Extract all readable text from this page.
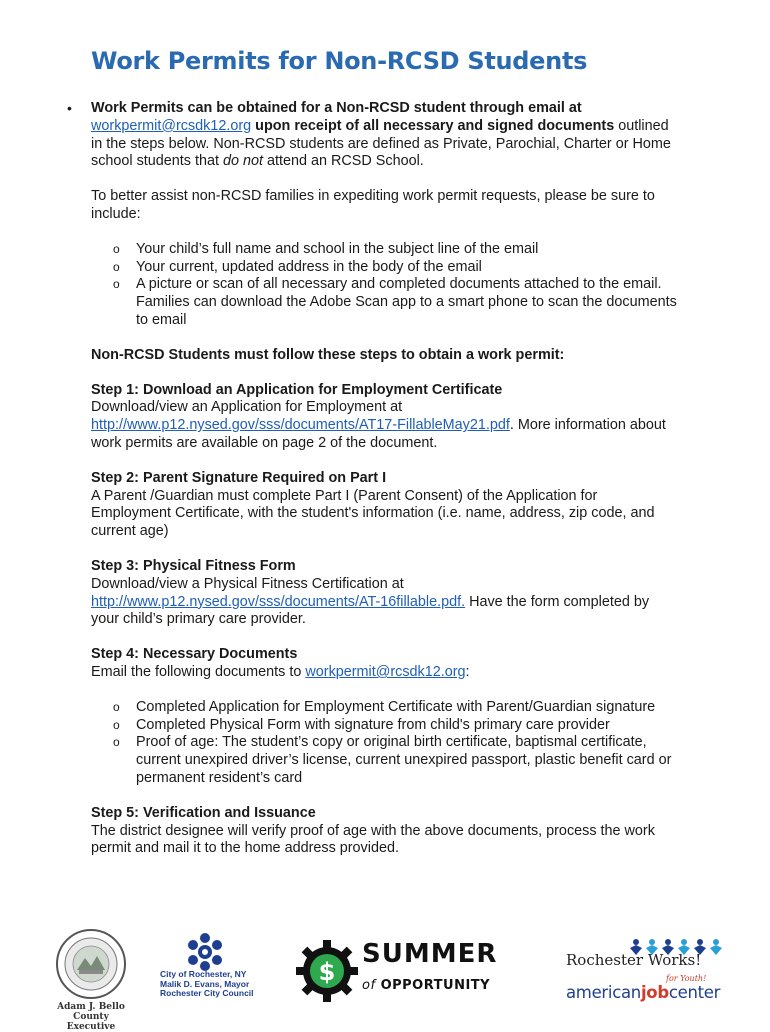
Work Permits for Non-RCSD Students
• Work Permits can be obtained for a Non-RCSD student through email at workpermit@rcsdk12.org upon receipt of all necessary and signed documents outlined in the steps below. Non-RCSD students are defined as Private, Parochial, Charter or Home school students that do not attend an RCSD School.

To better assist non-RCSD families in expediting work permit requests, please be sure to include:

o Your child’s full name and school in the subject line of the email
o Your current, updated address in the body of the email
o A picture or scan of all necessary and completed documents attached to the email. Families can download the Adobe Scan app to a smart phone to scan the documents to email

Non-RCSD Students must follow these steps to obtain a work permit:

Step 1: Download an Application for Employment Certificate
Download/view an Application for Employment at http://www.p12.nysed.gov/sss/documents/AT17-FillableMay21.pdf. More information about work permits are available on page 2 of the document.

Step 2: Parent Signature Required on Part I
A Parent /Guardian must complete Part I (Parent Consent) of the Application for Employment Certificate, with the student's information (i.e. name, address, zip code, and current age)

Step 3: Physical Fitness Form
Download/view a Physical Fitness Certification at http://www.p12.nysed.gov/sss/documents/AT-16fillable.pdf. Have the form completed by your child’s primary care provider.

Step 4: Necessary Documents
Email the following documents to workpermit@rcsdk12.org:

o Completed Application for Employment Certificate with Parent/Guardian signature
o Completed Physical Form with signature from child's primary care provider
o Proof of age: The student’s copy or original birth certificate, baptismal certificate, current unexpired driver’s license, current unexpired passport, plastic benefit card or permanent resident’s card

Step 5: Verification and Issuance
The district designee will verify proof of age with the above documents, process the work permit and mail it to the home address provided.

Adam J. Bello
County Executive
City of Rochester, NY
Malik D. Evans, Mayor
Rochester City Council
$
SUMMER
of OPPORTUNITY
Rochester Works!
for Youth!
americanjobcenter
